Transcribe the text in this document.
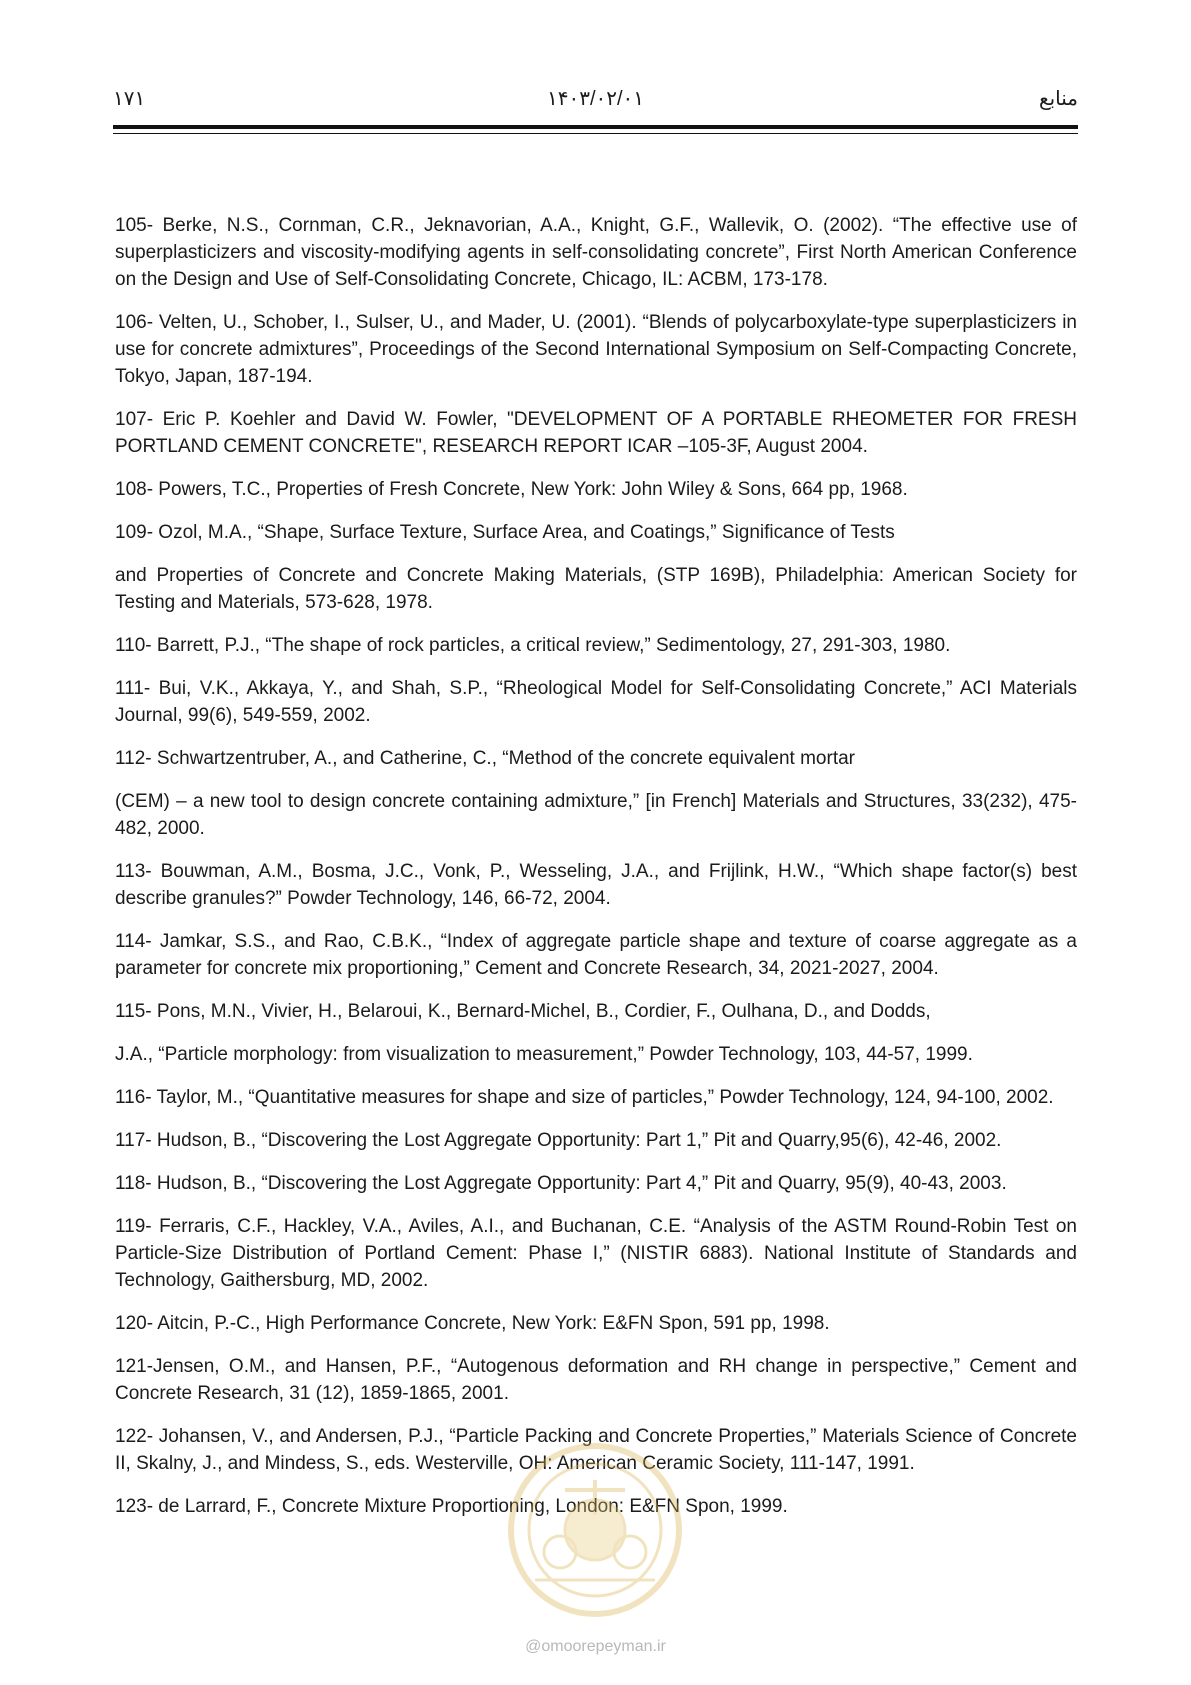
۱۷۱	۱۴۰۳/۰۲/۰۱	منابع

105- Berke, N.S., Cornman, C.R., Jeknavorian, A.A., Knight, G.F., Wallevik, O. (2002). “The effective use of superplasticizers and viscosity-modifying agents in self-consolidating concrete”, First North American Conference on the Design and Use of Self-Consolidating Concrete, Chicago, IL: ACBM, 173-178.

106- Velten, U., Schober, I., Sulser, U., and Mader, U. (2001). “Blends of polycarboxylate-type superplasticizers in use for concrete admixtures”, Proceedings of the Second International Symposium on Self-Compacting Concrete, Tokyo, Japan, 187-194.

107- Eric P. Koehler and David W. Fowler, "DEVELOPMENT OF A PORTABLE RHEOMETER FOR FRESH PORTLAND CEMENT CONCRETE", RESEARCH REPORT ICAR –105-3F, August 2004.

108- Powers, T.C., Properties of Fresh Concrete, New York: John Wiley & Sons, 664 pp, 1968.

109- Ozol, M.A., “Shape, Surface Texture, Surface Area, and Coatings,” Significance of Tests

and Properties of Concrete and Concrete Making Materials, (STP 169B), Philadelphia: American Society for Testing and Materials, 573-628, 1978.

110- Barrett, P.J., “The shape of rock particles, a critical review,” Sedimentology, 27, 291-303, 1980.

111- Bui, V.K., Akkaya, Y., and Shah, S.P., “Rheological Model for Self-Consolidating Concrete,” ACI Materials Journal, 99(6), 549-559, 2002.

112- Schwartzentruber, A., and Catherine, C., “Method of the concrete equivalent mortar

(CEM) – a new tool to design concrete containing admixture,” [in French] Materials and Structures, 33(232), 475-482, 2000.

113- Bouwman, A.M., Bosma, J.C., Vonk, P., Wesseling, J.A., and Frijlink, H.W., “Which shape factor(s) best describe granules?” Powder Technology, 146, 66-72, 2004.

114- Jamkar, S.S., and Rao, C.B.K., “Index of aggregate particle shape and texture of coarse aggregate as a parameter for concrete mix proportioning,” Cement and Concrete Research, 34, 2021-2027, 2004.

115- Pons, M.N., Vivier, H., Belaroui, K., Bernard-Michel, B., Cordier, F., Oulhana, D., and Dodds,

J.A., “Particle morphology: from visualization to measurement,” Powder Technology, 103, 44-57, 1999.

116- Taylor, M., “Quantitative measures for shape and size of particles,” Powder Technology, 124, 94-100, 2002.

117- Hudson, B., “Discovering the Lost Aggregate Opportunity: Part 1,” Pit and Quarry,95(6), 42-46, 2002.

118- Hudson, B., “Discovering the Lost Aggregate Opportunity: Part 4,” Pit and Quarry, 95(9), 40-43, 2003.

119- Ferraris, C.F., Hackley, V.A., Aviles, A.I., and Buchanan, C.E. “Analysis of the ASTM Round-Robin Test on Particle-Size Distribution of Portland Cement: Phase I,” (NISTIR 6883). National Institute of Standards and Technology, Gaithersburg, MD, 2002.

120- Aitcin, P.-C., High Performance Concrete, New York: E&FN Spon, 591 pp, 1998.

121-Jensen, O.M., and Hansen, P.F., “Autogenous deformation and RH change in perspective,” Cement and Concrete Research, 31 (12), 1859-1865, 2001.

122- Johansen, V., and Andersen, P.J., “Particle Packing and Concrete Properties,” Materials Science of Concrete II, Skalny, J., and Mindess, S., eds. Westerville, OH: American Ceramic Society, 111-147, 1991.

123- de Larrard, F., Concrete Mixture Proportioning, London: E&FN Spon, 1999.

@omoorepeyman.ir
